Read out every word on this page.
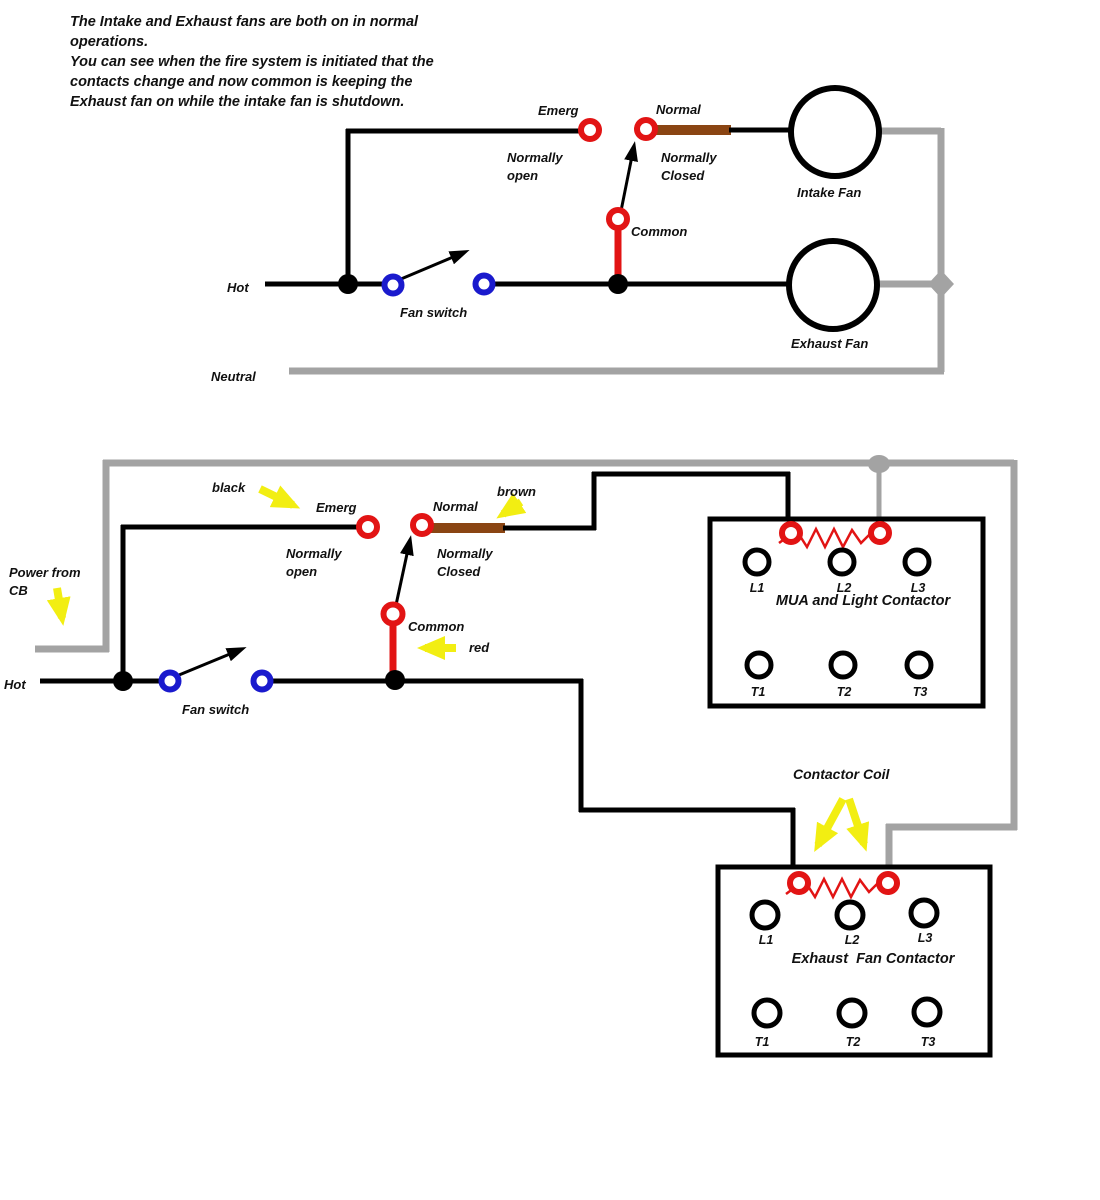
The Intake and Exhaust fans are both on in normal
operations.
You can see when the fire system is initiated that the
contacts change and now common is keeping the
Exhaust fan on while the intake fan is shutdown.
Emerg	Normal
Normally
open
Normally
Closed
Common
Intake Fan
Exhaust Fan
Hot
Fan switch
Neutral
black
Emerg
Normally
open
Normal
brown
Normally
Closed
Common
red
Power from
CB
Hot
Fan switch
Contactor Coil
L1	L2	L3
MUA and Light Contactor
T1	T2	T3
L1	L2	L3
Exhaust  Fan Contactor
T1	T2	T3
